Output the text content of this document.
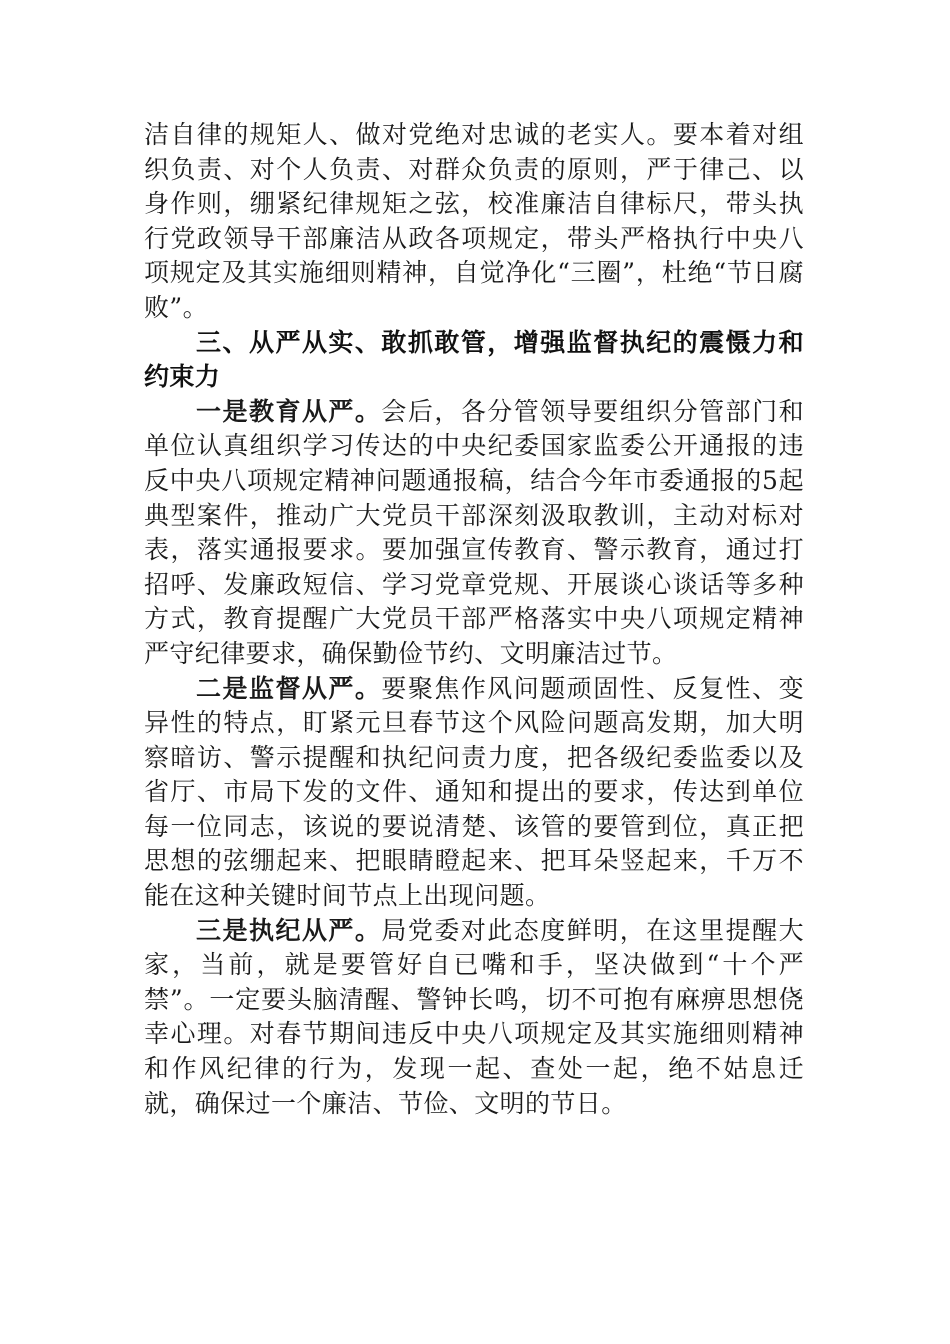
洁自律的规矩人、做对党绝对忠诚的老实人。要本着对组织负责、对个人负责、对群众负责的原则，严于律己、以身作则，绷紧纪律规矩之弦，校准廉洁自律标尺，带头执行党政领导干部廉洁从政各项规定，带头严格执行中央八项规定及其实施细则精神，自觉净化“三圈”，杜绝“节日腐败”。

三、从严从实、敢抓敢管，增强监督执纪的震慑力和约束力

一是教育从严。会后，各分管领导要组织分管部门和单位认真组织学习传达的中央纪委国家监委公开通报的违反中央八项规定精神问题通报稿，结合今年市委通报的5起典型案件，推动广大党员干部深刻汲取教训，主动对标对表，落实通报要求。要加强宣传教育、警示教育，通过打招呼、发廉政短信、学习党章党规、开展谈心谈话等多种方式，教育提醒广大党员干部严格落实中央八项规定精神严守纪律要求，确保勤俭节约、文明廉洁过节。

二是监督从严。要聚焦作风问题顽固性、反复性、变异性的特点，盯紧元旦春节这个风险问题高发期，加大明察暗访、警示提醒和执纪问责力度，把各级纪委监委以及省厅、市局下发的文件、通知和提出的要求，传达到单位每一位同志，该说的要说清楚、该管的要管到位，真正把思想的弦绷起来、把眼睛瞪起来、把耳朵竖起来，千万不能在这种关键时间节点上出现问题。

三是执纪从严。局党委对此态度鲜明，在这里提醒大家，当前，就是要管好自已嘴和手，坚决做到“十个严禁”。一定要头脑清醒、警钟长鸣，切不可抱有麻痹思想侥幸心理。对春节期间违反中央八项规定及其实施细则精神和作风纪律的行为，发现一起、查处一起，绝不姑息迁就，确保过一个廉洁、节俭、文明的节日。
